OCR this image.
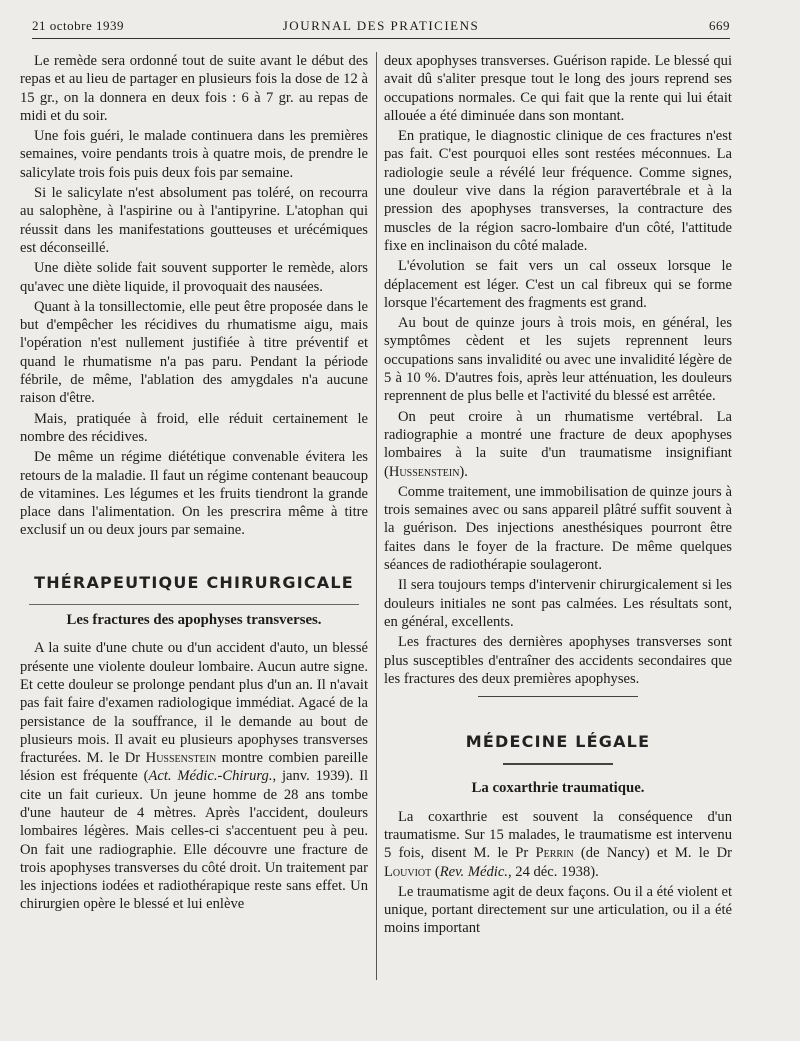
21 octobre 1939	JOURNAL DES PRATICIENS	669

Le remède sera ordonné tout de suite avant le début des repas et au lieu de partager en plusieurs fois la dose de 12 à 15 gr., on la donnera en deux fois : 6 à 7 gr. au repas de midi et du soir.

Une fois guéri, le malade continuera dans les premières semaines, voire pendants trois à quatre mois, de prendre le salicylate trois fois puis deux fois par semaine.

Si le salicylate n'est absolument pas toléré, on recourra au salophène, à l'aspirine ou à l'antipyrine. L'atophan qui réussit dans les manifestations goutteuses et urécémiques est déconseillé.

Une diète solide fait souvent supporter le remède, alors qu'avec une diète liquide, il provoquait des nausées.

Quant à la tonsillectomie, elle peut être proposée dans le but d'empêcher les récidives du rhumatisme aigu, mais l'opération n'est nullement justifiée à titre préventif et quand le rhumatisme n'a pas paru. Pendant la période fébrile, de même, l'ablation des amygdales n'a aucune raison d'être.

Mais, pratiquée à froid, elle réduit certainement le nombre des récidives.

De même un régime diététique convenable évitera les retours de la maladie. Il faut un régime contenant beaucoup de vitamines. Les légumes et les fruits tiendront la grande place dans l'alimentation. On les prescrira même à titre exclusif un ou deux jours par semaine.

THÉRAPEUTIQUE CHIRURGICALE
Les fractures des apophyses transverses.

A la suite d'une chute ou d'un accident d'auto, un blessé présente une violente douleur lombaire. Aucun autre signe. Et cette douleur se prolonge pendant plus d'un an. Il n'avait pas fait faire d'examen radiologique immédiat. Agacé de la persistance de la souffrance, il le demande au bout de plusieurs mois. Il avait eu plusieurs apophyses transverses fracturées. M. le Dr Hussenstein montre combien pareille lésion est fréquente (Act. Médic.-Chirurg., janv. 1939). Il cite un fait curieux. Un jeune homme de 28 ans tombe d'une hauteur de 4 mètres. Après l'accident, douleurs lombaires légères. Mais celles-ci s'accentuent peu à peu. On fait une radiographie. Elle découvre une fracture de trois apophyses transverses du côté droit. Un traitement par les injections iodées et radiothérapique reste sans effet. Un chirurgien opère le blessé et lui enlève

deux apophyses transverses. Guérison rapide. Le blessé qui avait dû s'aliter presque tout le long des jours reprend ses occupations normales. Ce qui fait que la rente qui lui était allouée a été diminuée dans son montant.

En pratique, le diagnostic clinique de ces fractures n'est pas fait. C'est pourquoi elles sont restées méconnues. La radiologie seule a révélé leur fréquence. Comme signes, une douleur vive dans la région paravertébrale et à la pression des apophyses transverses, la contracture des muscles de la région sacro-lombaire d'un côté, l'attitude fixe en inclinaison du côté malade.

L'évolution se fait vers un cal osseux lorsque le déplacement est léger. C'est un cal fibreux qui se forme lorsque l'écartement des fragments est grand.

Au bout de quinze jours à trois mois, en général, les symptômes cèdent et les sujets reprennent leurs occupations sans invalidité ou avec une invalidité légère de 5 à 10 %. D'autres fois, après leur atténuation, les douleurs reprennent de plus belle et l'activité du blessé est arrêtée.

On peut croire à un rhumatisme vertébral. La radiographie a montré une fracture de deux apophyses lombaires à la suite d'un traumatisme insignifiant (Hussenstein).

Comme traitement, une immobilisation de quinze jours à trois semaines avec ou sans appareil plâtré suffit souvent à la guérison. Des injections anesthésiques pourront être faites dans le foyer de la fracture. De même quelques séances de radiothérapie soulageront.

Il sera toujours temps d'intervenir chirurgicalement si les douleurs initiales ne sont pas calmées. Les résultats sont, en général, excellents.

Les fractures des dernières apophyses transverses sont plus susceptibles d'entraîner des accidents secondaires que les fractures des deux premières apophyses.

MÉDECINE LÉGALE
La coxarthrie traumatique.

La coxarthrie est souvent la conséquence d'un traumatisme. Sur 15 malades, le traumatisme est intervenu 5 fois, disent M. le Pr Perrin (de Nancy) et M. le Dr Louviot (Rev. Médic., 24 déc. 1938).

Le traumatisme agit de deux façons. Ou il a été violent et unique, portant directement sur une articulation, ou il a été moins important
